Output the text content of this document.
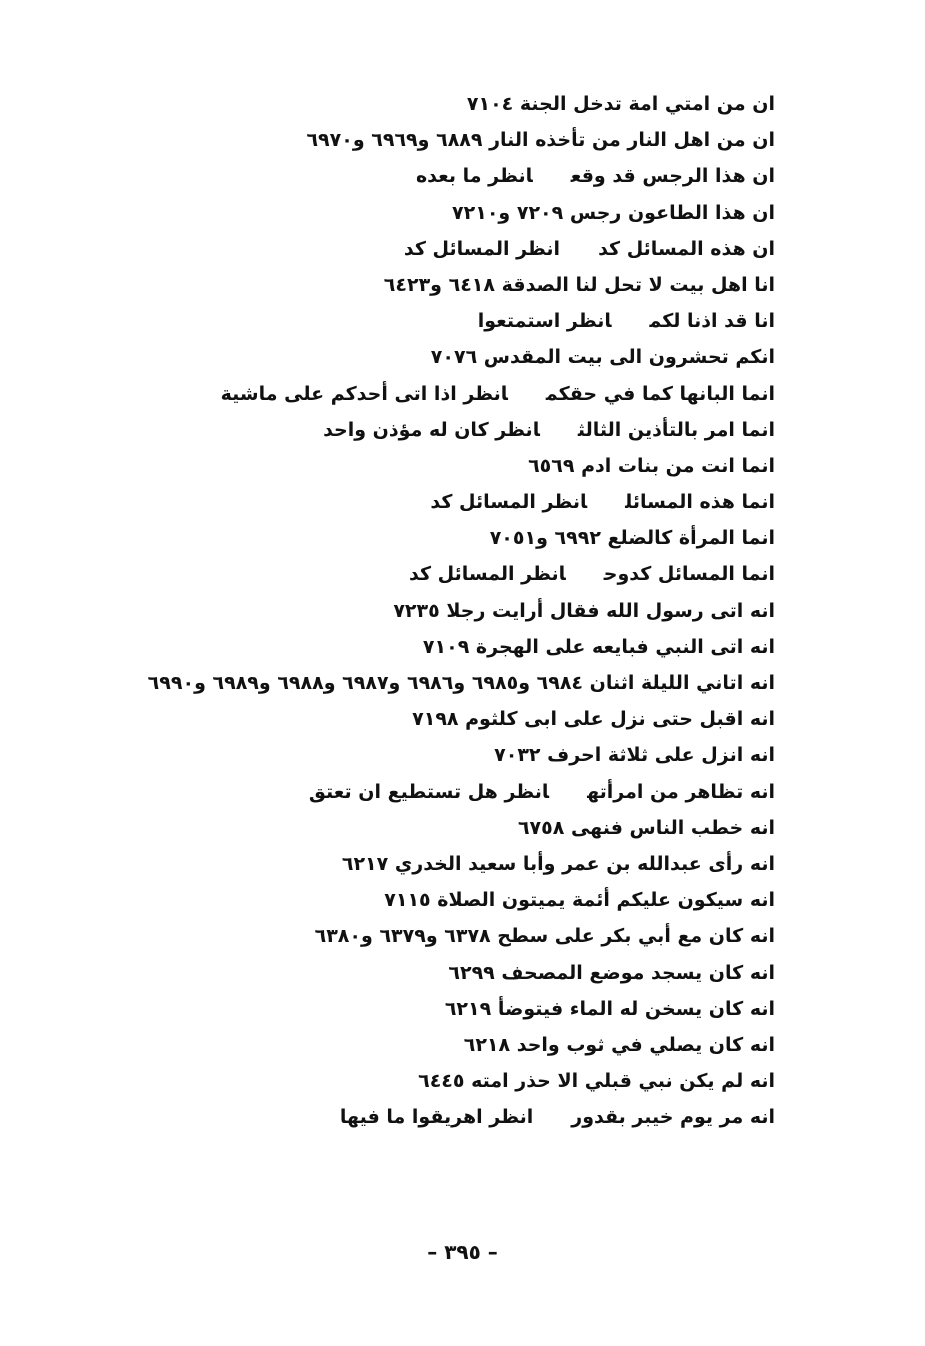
ان من امتي امة تدخل الجنة ٧١٠٤
ان من اهل النار من تأخذه النار ٦٨٨٩ و٦٩٦٩ و٦٩٧٠
ان هذا الرجس قد وقعانظر ما بعده
ان هذا الطاعون رجس ٧٢٠٩ و٧٢١٠
ان هذه المسائل كدانظر المسائل كد
انا اهل بيت لا تحل لنا الصدقة ٦٤١٨ و٦٤٢٣
انا قد اذنا لكمانظر استمتعوا
انكم تحشرون الى بيت المقدس ٧٠٧٦
انما البانها كما في حقكمانظر اذا اتى أحدكم على ماشية
انما امر بالتأذين الثالثانظر كان له مؤذن واحد
انما انت من بنات ادم ٦٥٦٩
انما هذه المسائلانظر المسائل كد
انما المرأة كالضلع ٦٩٩٢ و٧٠٥١
انما المسائل كدوحانظر المسائل كد
انه اتى رسول الله فقال أرايت رجلا ٧٢٣٥
انه اتى النبي فبايعه على الهجرة ٧١٠٩
انه اتاني الليلة اثنان ٦٩٨٤ و٦٩٨٥ و٦٩٨٦ و٦٩٨٧ و٦٩٨٨ و٦٩٨٩ و٦٩٩٠
انه اقبل حتى نزل على ابى كلثوم ٧١٩٨
انه انزل على ثلاثة احرف ٧٠٣٢
انه تظاهر من امرأتهانظر هل تستطيع ان تعتق
انه خطب الناس فنهى ٦٧٥٨
انه رأى عبدالله بن عمر وأبا سعيد الخدري ٦٢١٧
انه سيكون عليكم أئمة يميتون الصلاة ٧١١٥
انه كان مع أبي بكر على سطح ٦٣٧٨ و٦٣٧٩ و٦٣٨٠
انه كان يسجد موضع المصحف ٦٢٩٩
انه كان يسخن له الماء فيتوضأ ٦٢١٩
انه كان يصلي في ثوب واحد ٦٢١٨
انه لم يكن نبي قبلي الا حذر امته ٦٤٤٥
انه مر يوم خيبر بقدورانظر اهريقوا ما فيها
– ٣٩٥ –
